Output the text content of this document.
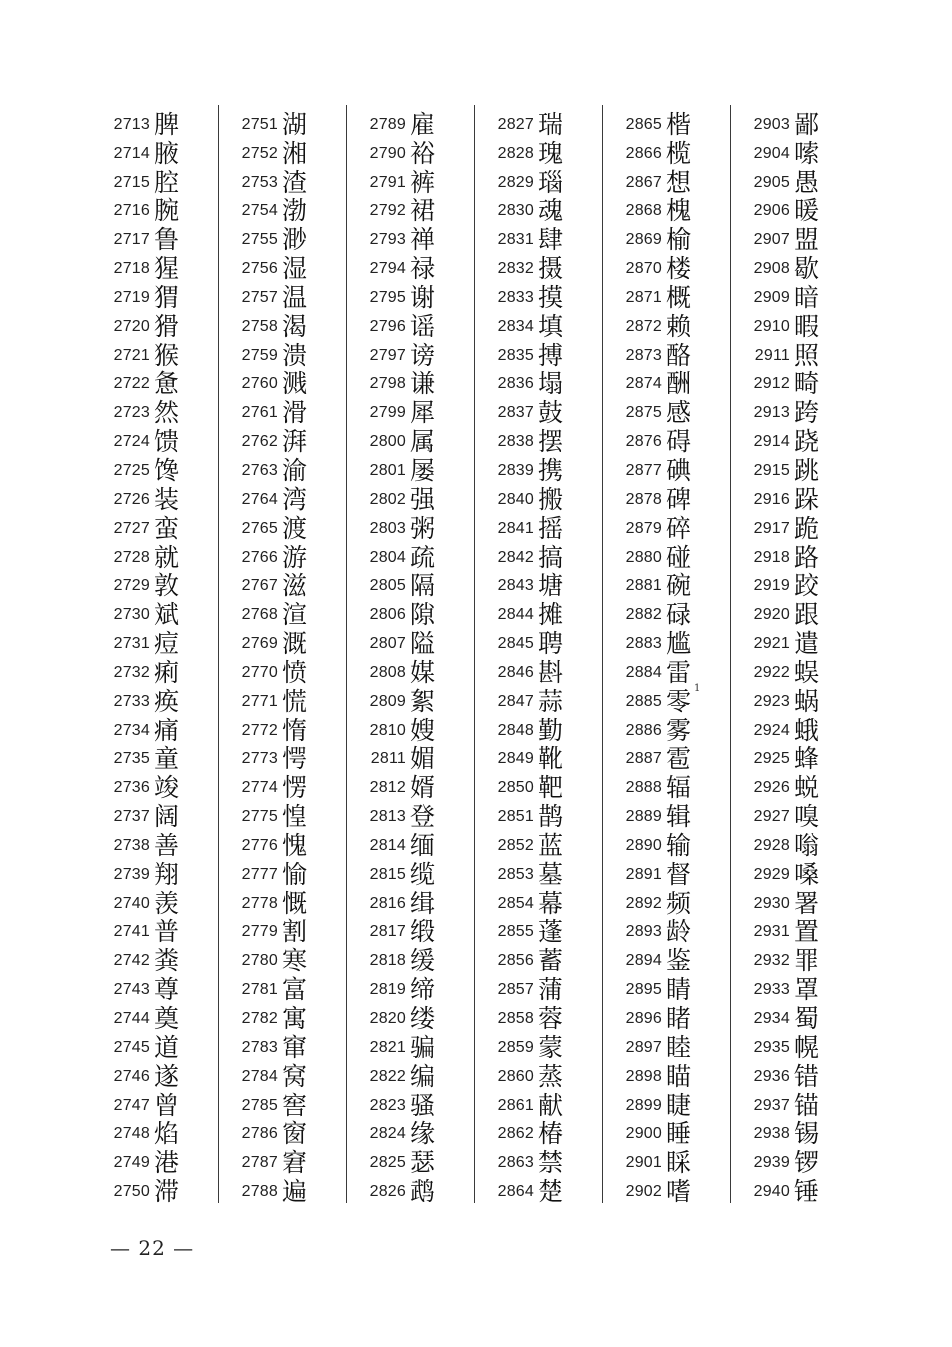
2713 脾
2714 腋
2715 腔
2716 腕
2717 鲁
2718 猩
2719 猬
2720 猾
2721 猴
2722 惫
2723 然
2724 馈
2725 馋
2726 装
2727 蛮
2728 就
2729 敦
2730 斌
2731 痘
2732 痢
2733 痪
2734 痛
2735 童
2736 竣
2737 阔
2738 善
2739 翔
2740 羡
2741 普
2742 粪
2743 尊
2744 奠
2745 道
2746 遂
2747 曾
2748 焰
2749 港
2750 滞
2751 湖
2752 湘
2753 渣
2754 渤
2755 渺
2756 湿
2757 温
2758 渴
2759 溃
2760 溅
2761 滑
2762 湃
2763 渝
2764 湾
2765 渡
2766 游
2767 滋
2768 渲
2769 溉
2770 愤
2771 慌
2772 惰
2773 愕
2774 愣
2775 惶
2776 愧
2777 愉
2778 慨
2779 割
2780 寒
2781 富
2782 寓
2783 窜
2784 窝
2785 窖
2786 窗
2787 窘
2788 遍
2789 雇
2790 裕
2791 裤
2792 裙
2793 禅
2794 禄
2795 谢
2796 谣
2797 谤
2798 谦
2799 犀
2800 属
2801 屡
2802 强
2803 粥
2804 疏
2805 隔
2806 隙
2807 隘
2808 媒
2809 絮
2810 嫂
2811 媚
2812 婿
2813 登
2814 缅
2815 缆
2816 缉
2817 缎
2818 缓
2819 缔
2820 缕
2821 骗
2822 编
2823 骚
2824 缘
2825 瑟
2826 鹉
2827 瑞
2828 瑰
2829 瑙
2830 魂
2831 肆
2832 摄
2833 摸
2834 填
2835 搏
2836 塌
2837 鼓
2838 摆
2839 携
2840 搬
2841 摇
2842 搞
2843 塘
2844 摊
2845 聘
2846 斟
2847 蒜
2848 勤
2849 靴
2850 靶
2851 鹊
2852 蓝
2853 墓
2854 幕
2855 蓬
2856 蓄
2857 蒲
2858 蓉
2859 蒙
2860 蒸
2861 献
2862 椿
2863 禁
2864 楚
2865 楷
2866 榄
2867 想
2868 槐
2869 榆
2870 楼
2871 概
2872 赖
2873 酪
2874 酬
2875 感
2876 碍
2877 碘
2878 碑
2879 碎
2880 碰
2881 碗
2882 碌
2883 尴
2884 雷
2885 零 1
2886 雾
2887 雹
2888 辐
2889 辑
2890 输
2891 督
2892 频
2893 龄
2894 鉴
2895 睛
2896 睹
2897 睦
2898 瞄
2899 睫
2900 睡
2901 睬
2902 嗜
2903 鄙
2904 嗦
2905 愚
2906 暖
2907 盟
2908 歇
2909 暗
2910 暇
2911 照
2912 畸
2913 跨
2914 跷
2915 跳
2916 跺
2917 跪
2918 路
2919 跤
2920 跟
2921 遣
2922 蜈
2923 蜗
2924 蛾
2925 蜂
2926 蜕
2927 嗅
2928 嗡
2929 嗓
2930 署
2931 置
2932 罪
2933 罩
2934 蜀
2935 幌
2936 错
2937 锚
2938 锡
2939 锣
2940 锤
— 22 —
